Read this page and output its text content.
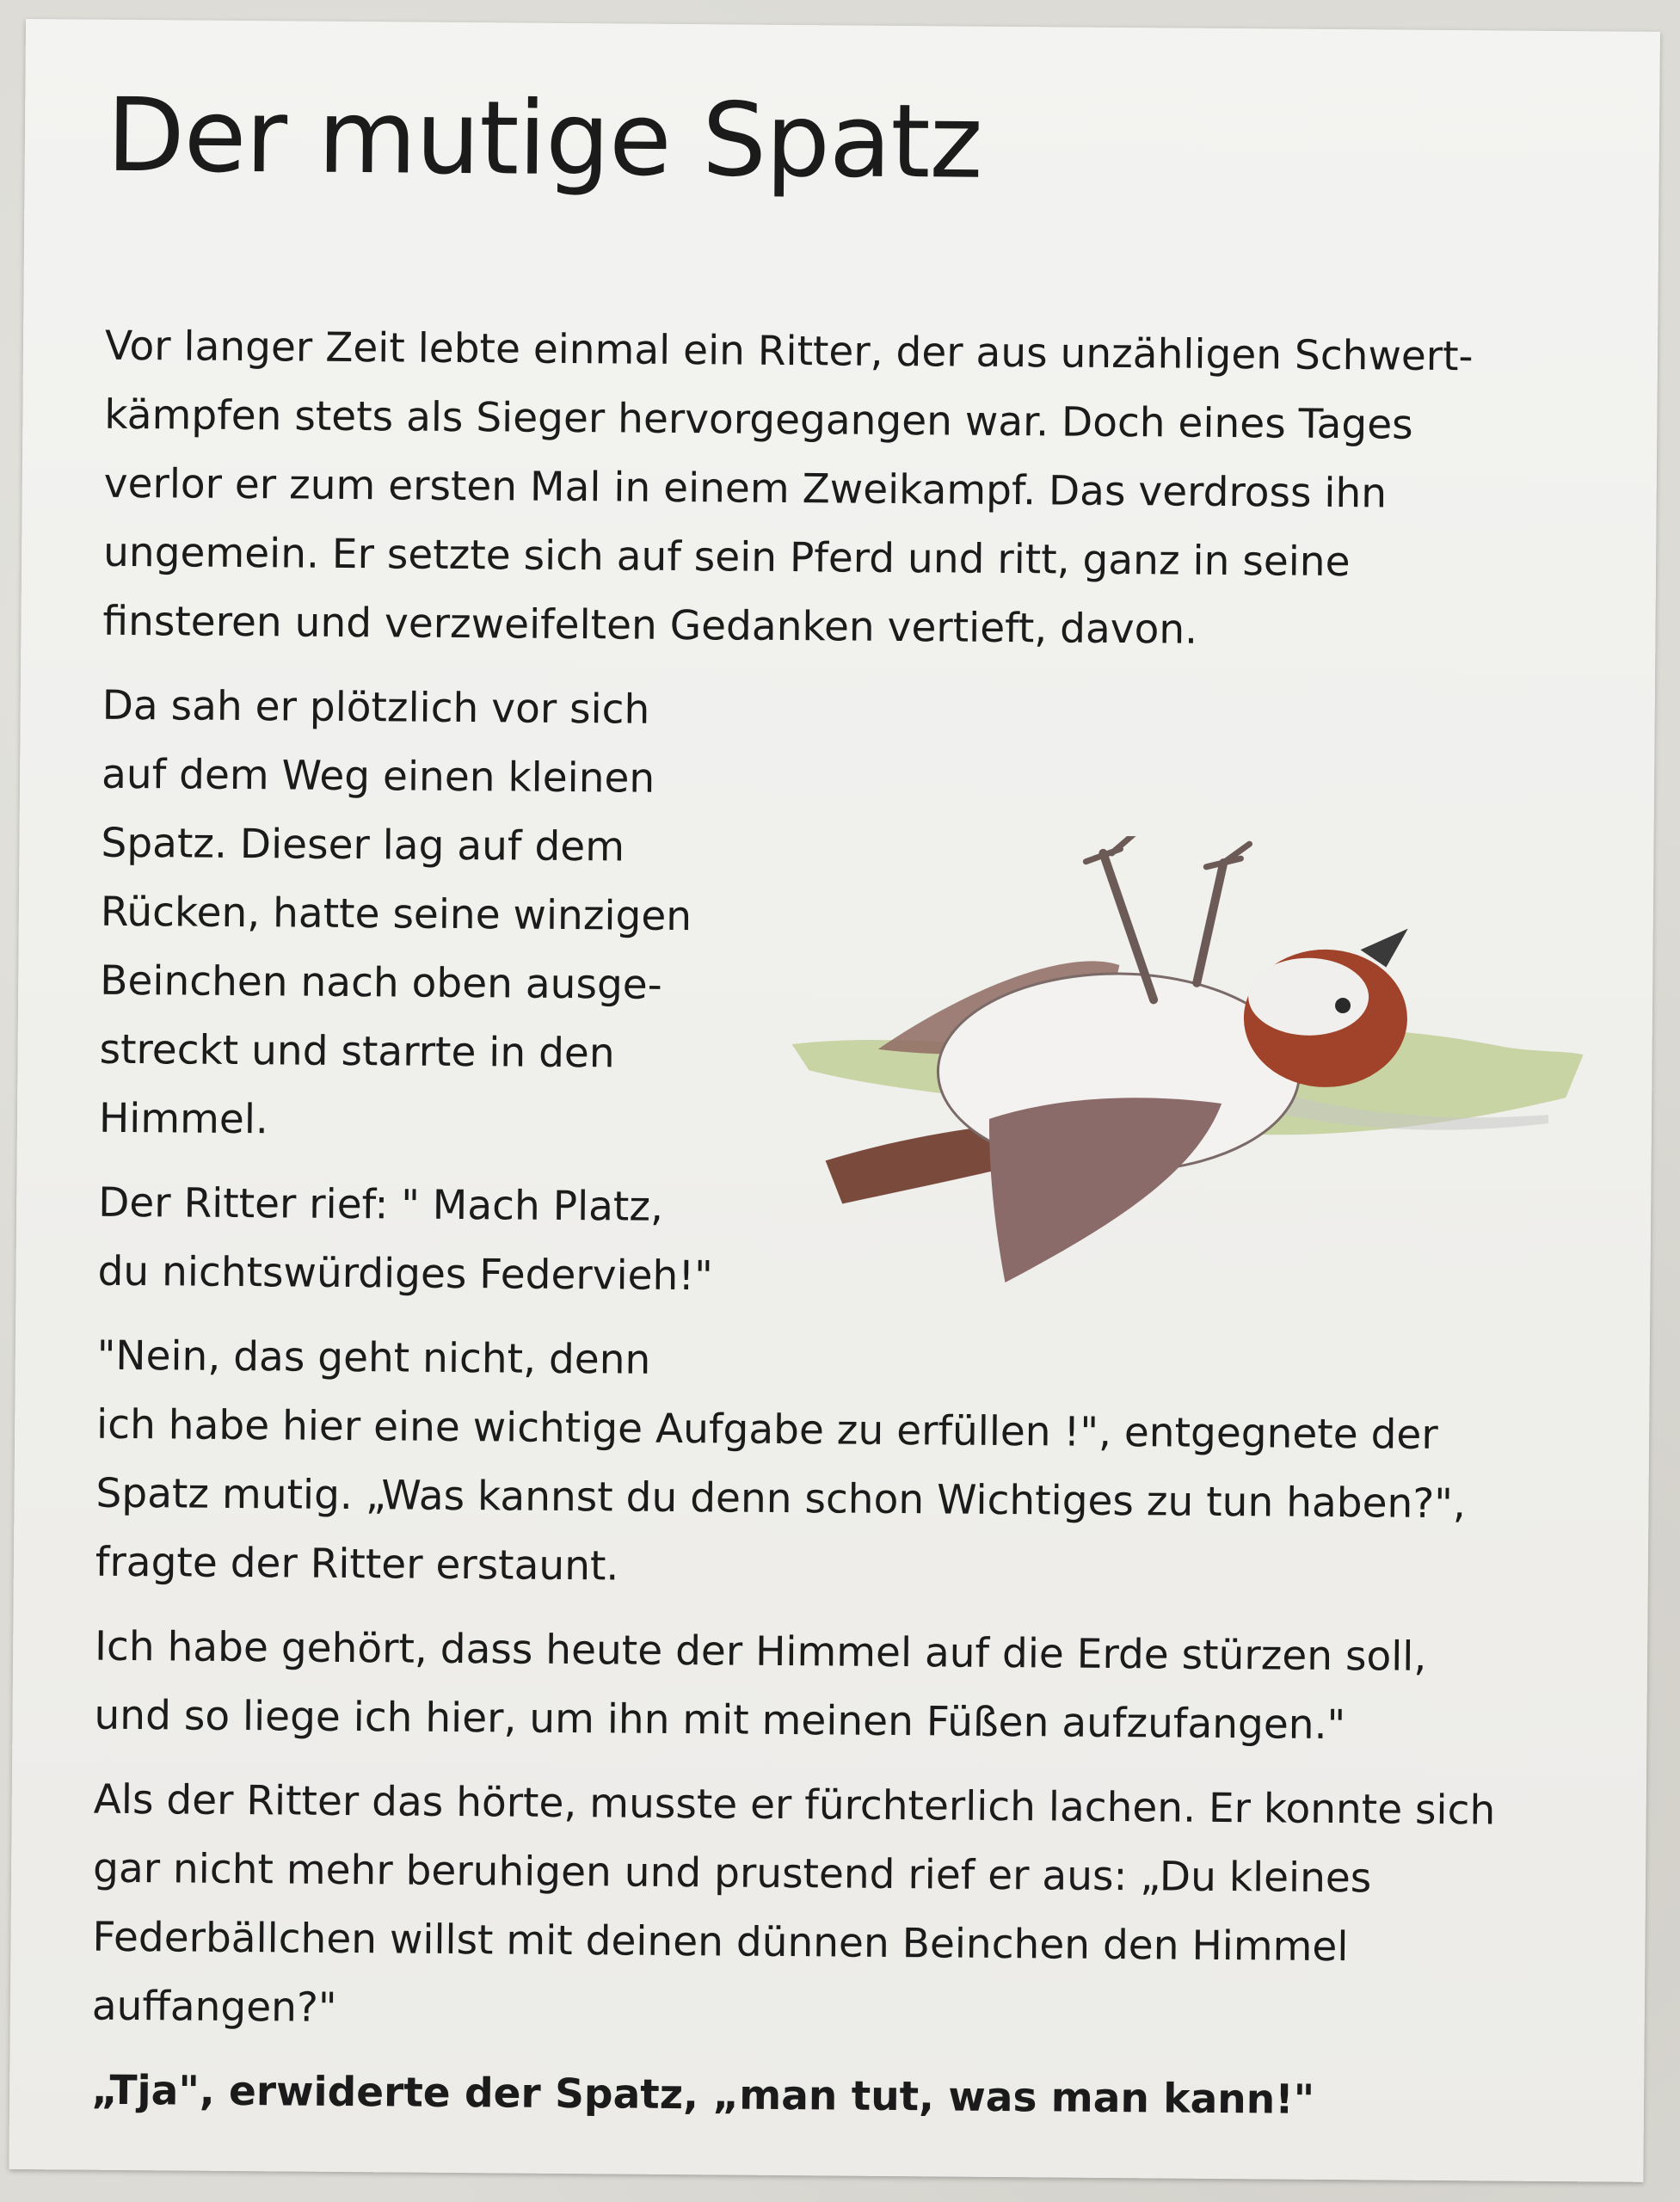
Der mutige Spatz

Vor langer Zeit lebte einmal ein Ritter, der aus unzähligen Schwert-
kämpfen stets als Sieger hervorgegangen war. Doch eines Tages
verlor er zum ersten Mal in einem Zweikampf. Das verdross ihn
ungemein. Er setzte sich auf sein Pferd und ritt, ganz in seine
finsteren und verzweifelten Gedanken vertieft, davon.

Da sah er plötzlich vor sich
auf dem Weg einen kleinen
Spatz. Dieser lag auf dem
Rücken, hatte seine winzigen
Beinchen nach oben ausge-
streckt und starrte in den
Himmel.

Der Ritter rief: " Mach Platz,
du nichtswürdiges Federvieh!"

"Nein, das geht nicht, denn
ich habe hier eine wichtige Aufgabe zu erfüllen !", entgegnete der
Spatz mutig. „Was kannst du denn schon Wichtiges zu tun haben?",
fragte der Ritter erstaunt.

Ich habe gehört, dass heute der Himmel auf die Erde stürzen soll,
und so liege ich hier, um ihn mit meinen Füßen aufzufangen."

Als der Ritter das hörte, musste er fürchterlich lachen. Er konnte sich
gar nicht mehr beruhigen und prustend rief er aus: „Du kleines
Federbällchen willst mit deinen dünnen Beinchen den Himmel
auffangen?"

„Tja", erwiderte der Spatz, „man tut, was man kann!"
